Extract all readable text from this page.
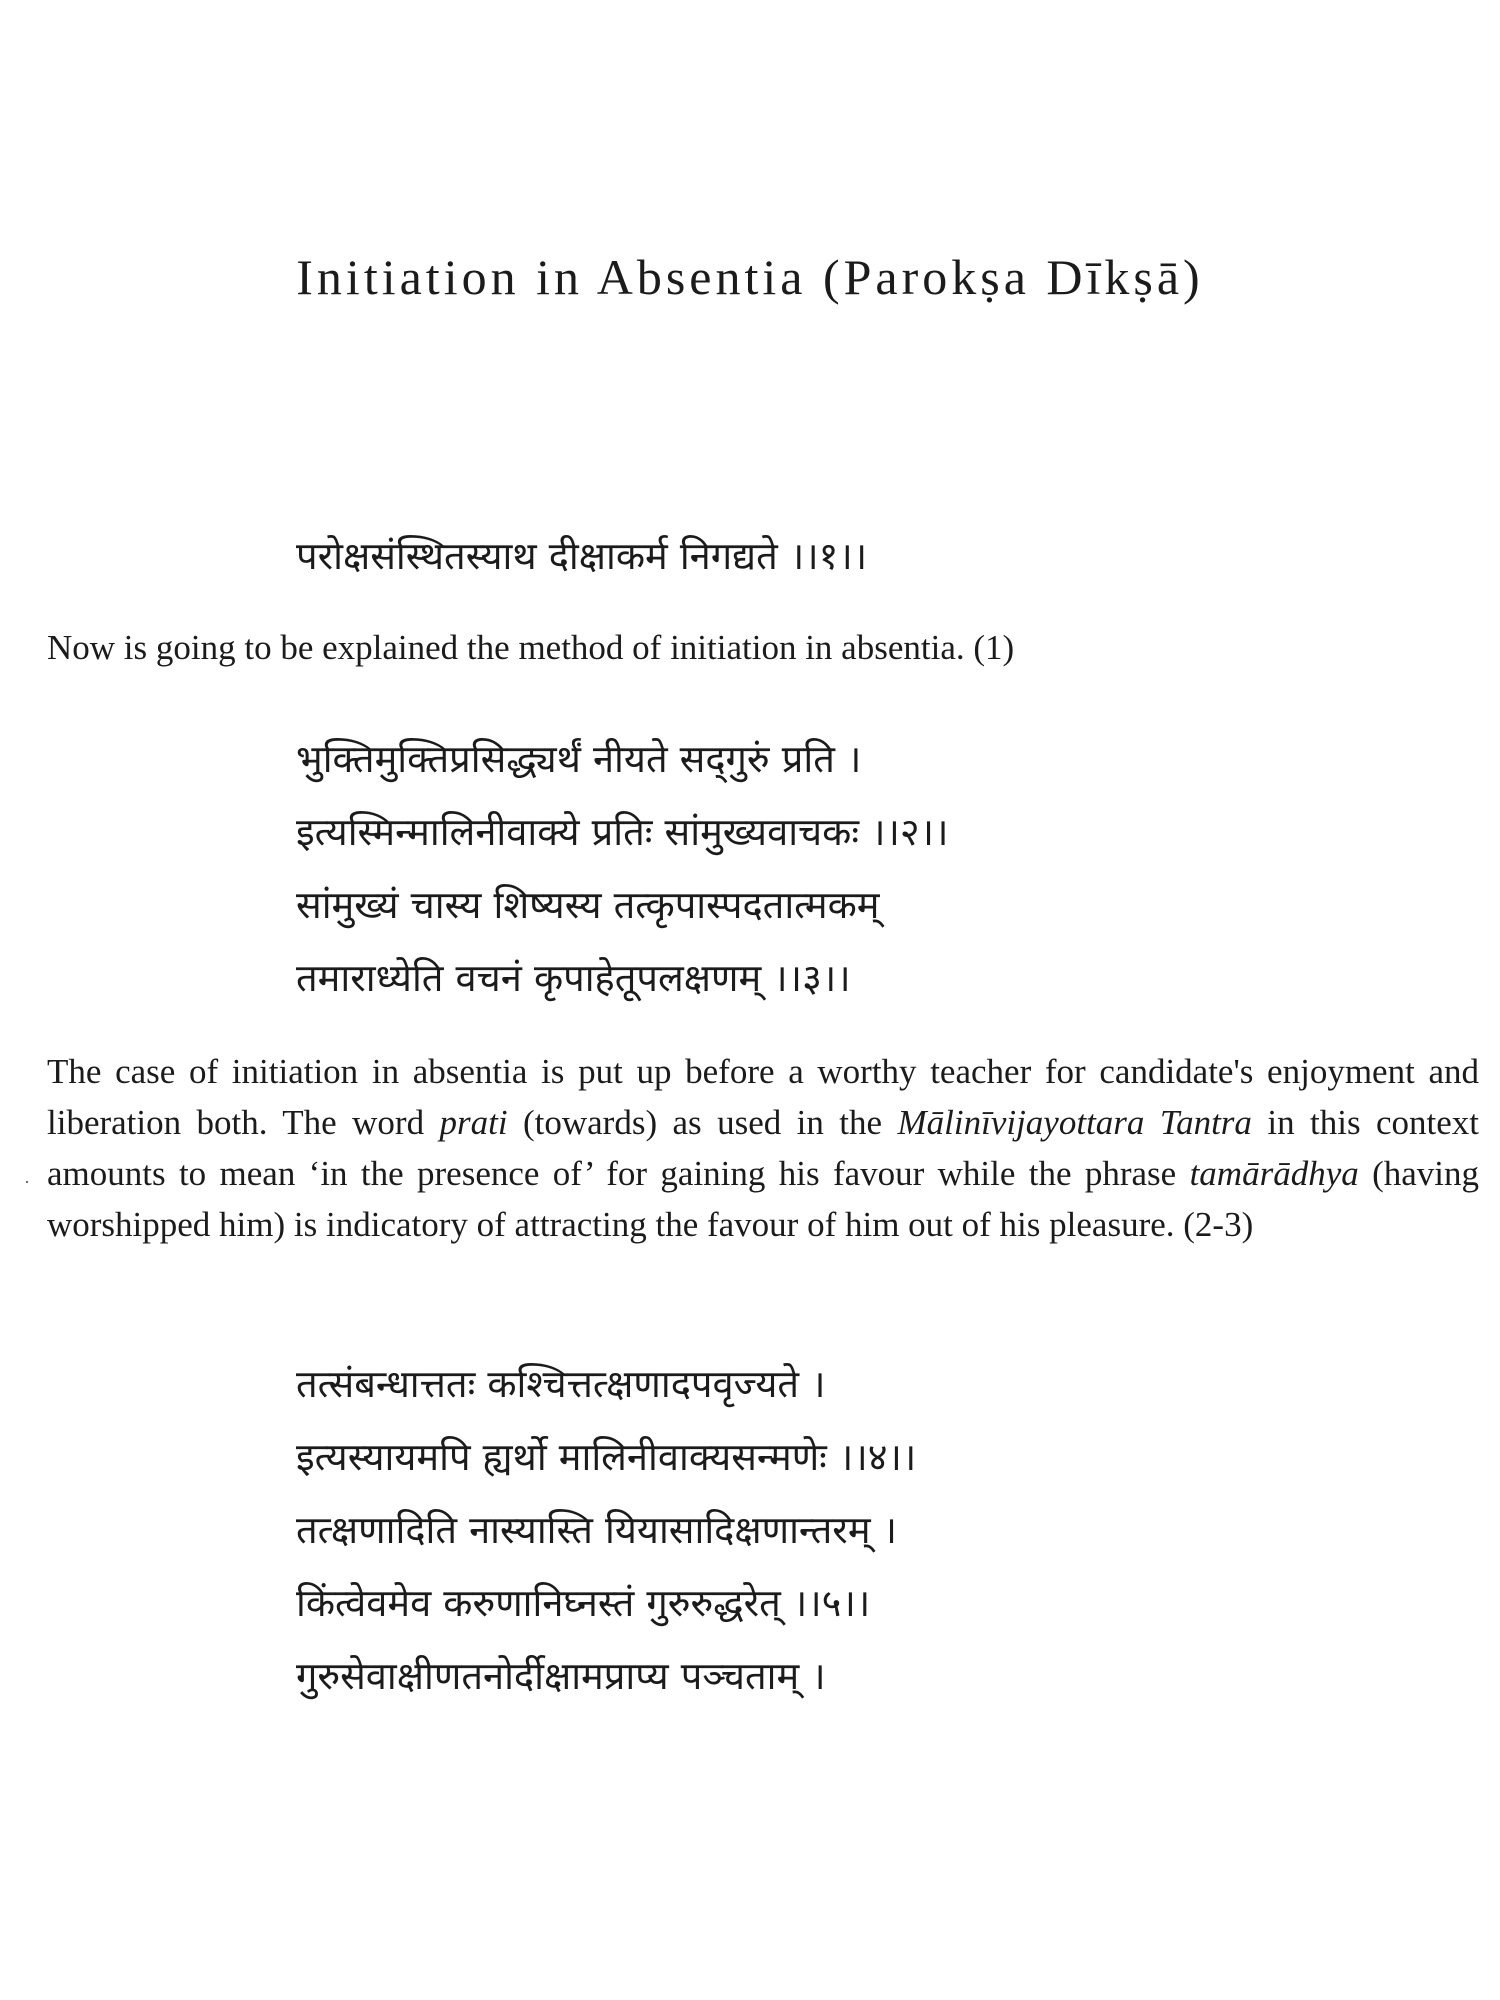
Initiation in Absentia (Parokṣa Dīkṣā)
परोक्षसंस्थितस्याथ दीक्षाकर्म निगद्यते ।।१।।

Now is going to be explained the method of initiation in absentia. (1)

भुक्तिमुक्तिप्रसिद्ध्यर्थं नीयते सद्‌गुरुं प्रति ।
इत्यस्मिन्मालिनीवाक्ये प्रतिः सांमुख्यवाचकः ।।२।।
सांमुख्यं चास्य शिष्यस्य तत्कृपास्पदतात्मकम्
तमाराध्येति वचनं कृपाहेतूपलक्षणम् ।।३।।
·

The case of initiation in absentia is put up before a worthy teacher for candidate's enjoyment and liberation both. The word prati (towards) as used in the Mālinīvijayottara Tantra in this context amounts to mean ‘in the presence of’ for gaining his favour while the phrase tamārādhya (having worshipped him) is indicatory of attracting the favour of him out of his pleasure. (2-3)

तत्संबन्धात्ततः कश्चित्तत्क्षणादपवृज्यते ।
इत्यस्यायमपि ह्यर्थो मालिनीवाक्यसन्मणेः ।।४।।
तत्क्षणादिति नास्यास्ति यियासादिक्षणान्तरम् ।
किंत्वेवमेव करुणानिघ्नस्तं गुरुरुद्धरेत् ।।५।।
गुरुसेवाक्षीणतनोर्दीक्षामप्राप्य पञ्चताम् ।
